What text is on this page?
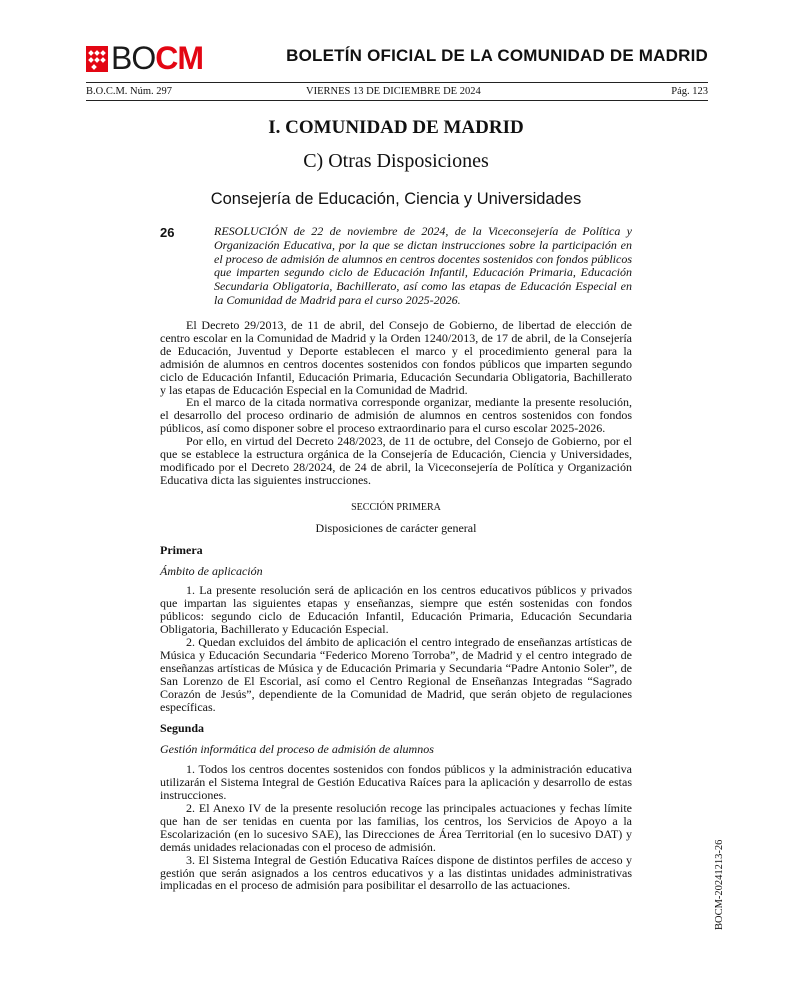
BOCM	BOLETÍN OFICIAL DE LA COMUNIDAD DE MADRID
B.O.C.M. Núm. 297	VIERNES 13 DE DICIEMBRE DE 2024	Pág. 123
I. COMUNIDAD DE MADRID
C) Otras Disposiciones
Consejería de Educación, Ciencia y Universidades
26	RESOLUCIÓN de 22 de noviembre de 2024, de la Viceconsejería de Política y Organización Educativa, por la que se dictan instrucciones sobre la participación en el proceso de admisión de alumnos en centros docentes sostenidos con fondos públicos que imparten segundo ciclo de Educación Infantil, Educación Primaria, Educación Secundaria Obligatoria, Bachillerato, así como las etapas de Educación Especial en la Comunidad de Madrid para el curso 2025-2026.

El Decreto 29/2013, de 11 de abril, del Consejo de Gobierno, de libertad de elección de centro escolar en la Comunidad de Madrid y la Orden 1240/2013, de 17 de abril, de la Consejería de Educación, Juventud y Deporte establecen el marco y el procedimiento general para la admisión de alumnos en centros docentes sostenidos con fondos públicos que imparten segundo ciclo de Educación Infantil, Educación Primaria, Educación Secundaria Obligatoria, Bachillerato y las etapas de Educación Especial en la Comunidad de Madrid.

En el marco de la citada normativa corresponde organizar, mediante la presente resolución, el desarrollo del proceso ordinario de admisión de alumnos en centros sostenidos con fondos públicos, así como disponer sobre el proceso extraordinario para el curso escolar 2025-2026.

Por ello, en virtud del Decreto 248/2023, de 11 de octubre, del Consejo de Gobierno, por el que se establece la estructura orgánica de la Consejería de Educación, Ciencia y Universidades, modificado por el Decreto 28/2024, de 24 de abril, la Viceconsejería de Política y Organización Educativa dicta las siguientes instrucciones.

SECCIÓN PRIMERA

Disposiciones de carácter general

Primera

Ámbito de aplicación

1. La presente resolución será de aplicación en los centros educativos públicos y privados que impartan las siguientes etapas y enseñanzas, siempre que estén sostenidas con fondos públicos: segundo ciclo de Educación Infantil, Educación Primaria, Educación Secundaria Obligatoria, Bachillerato y Educación Especial.

2. Quedan excluidos del ámbito de aplicación el centro integrado de enseñanzas artísticas de Música y Educación Secundaria “Federico Moreno Torroba”, de Madrid y el centro integrado de enseñanzas artísticas de Música y de Educación Primaria y Secundaria “Padre Antonio Soler”, de San Lorenzo de El Escorial, así como el Centro Regional de Enseñanzas Integradas “Sagrado Corazón de Jesús”, dependiente de la Comunidad de Madrid, que serán objeto de regulaciones específicas.

Segunda

Gestión informática del proceso de admisión de alumnos

1. Todos los centros docentes sostenidos con fondos públicos y la administración educativa utilizarán el Sistema Integral de Gestión Educativa Raíces para la aplicación y desarrollo de estas instrucciones.

2. El Anexo IV de la presente resolución recoge las principales actuaciones y fechas límite que han de ser tenidas en cuenta por las familias, los centros, los Servicios de Apoyo a la Escolarización (en lo sucesivo SAE), las Direcciones de Área Territorial (en lo sucesivo DAT) y demás unidades relacionadas con el proceso de admisión.

3. El Sistema Integral de Gestión Educativa Raíces dispone de distintos perfiles de acceso y gestión que serán asignados a los centros educativos y a las distintas unidades administrativas implicadas en el proceso de admisión para posibilitar el desarrollo de las actuaciones.	BOCM-20241213-26
